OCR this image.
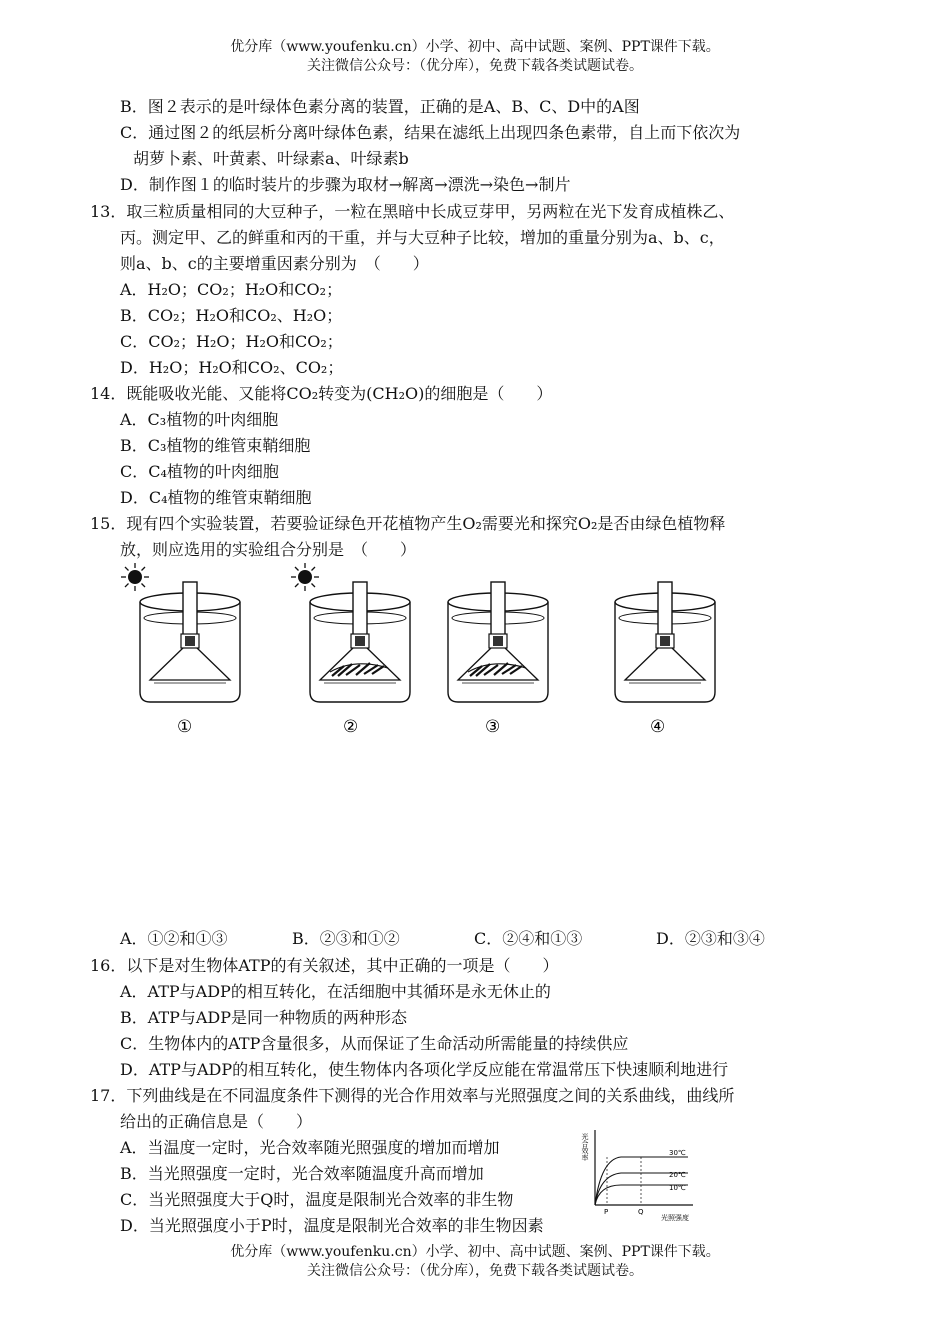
优分库（www.youfenku.cn）小学、初中、高中试题、案例、PPT课件下载。
关注微信公众号：（优分库），免费下载各类试题试卷。
B．图２表示的是叶绿体色素分离的装置，正确的是A、B、C、D中的A图
C．通过图２的纸层析分离叶绿体色素，结果在滤纸上出现四条色素带，自上而下依次为
胡萝卜素、叶黄素、叶绿素a、叶绿素b
D．制作图１的临时装片的步骤为取材→解离→漂洗→染色→制片
13．取三粒质量相同的大豆种子，一粒在黑暗中长成豆芽甲，另两粒在光下发育成植株乙、
丙。测定甲、乙的鲜重和丙的干重，并与大豆种子比较，增加的重量分别为a、b、c，
则a、b、c的主要增重因素分别为　（　　）
A．H₂O；CO₂；H₂O和CO₂；
B．CO₂；H₂O和CO₂、H₂O；
C．CO₂；H₂O；H₂O和CO₂；
D．H₂O；H₂O和CO₂、CO₂；
14．既能吸收光能、又能将CO₂转变为(CH₂O)的细胞是（　　）
A．C₃植物的叶肉细胞
B．C₃植物的维管束鞘细胞
C．C₄植物的叶肉细胞
D．C₄植物的维管束鞘细胞
15．现有四个实验装置，若要验证绿色开花植物产生O₂需要光和探究O₂是否由绿色植物释
放，则应选用的实验组合分别是　（　　）
①	②	③	④
A．①②和①③	B．②③和①②	C．②④和①③	D．②③和③④
16．以下是对生物体ATP的有关叙述，其中正确的一项是（　　）
A．ATP与ADP的相互转化，在活细胞中其循环是永无休止的
B．ATP与ADP是同一种物质的两种形态
C．生物体内的ATP含量很多，从而保证了生命活动所需能量的持续供应
D．ATP与ADP的相互转化，使生物体内各项化学反应能在常温常压下快速顺利地进行
17．下列曲线是在不同温度条件下测得的光合作用效率与光照强度之间的关系曲线，曲线所
给出的正确信息是（　　）
A．当温度一定时，光合效率随光照强度的增加而增加
B．当光照强度一定时，光合效率随温度升高而增加
C．当光照强度大于Q时，温度是限制光合效率的非生物
D．当光照强度小于P时，温度是限制光合效率的非生物因素
光合效率	30℃
20℃
10℃
P	Q
光照强度
优分库（www.youfenku.cn）小学、初中、高中试题、案例、PPT课件下载。
关注微信公众号：（优分库），免费下载各类试题试卷。
